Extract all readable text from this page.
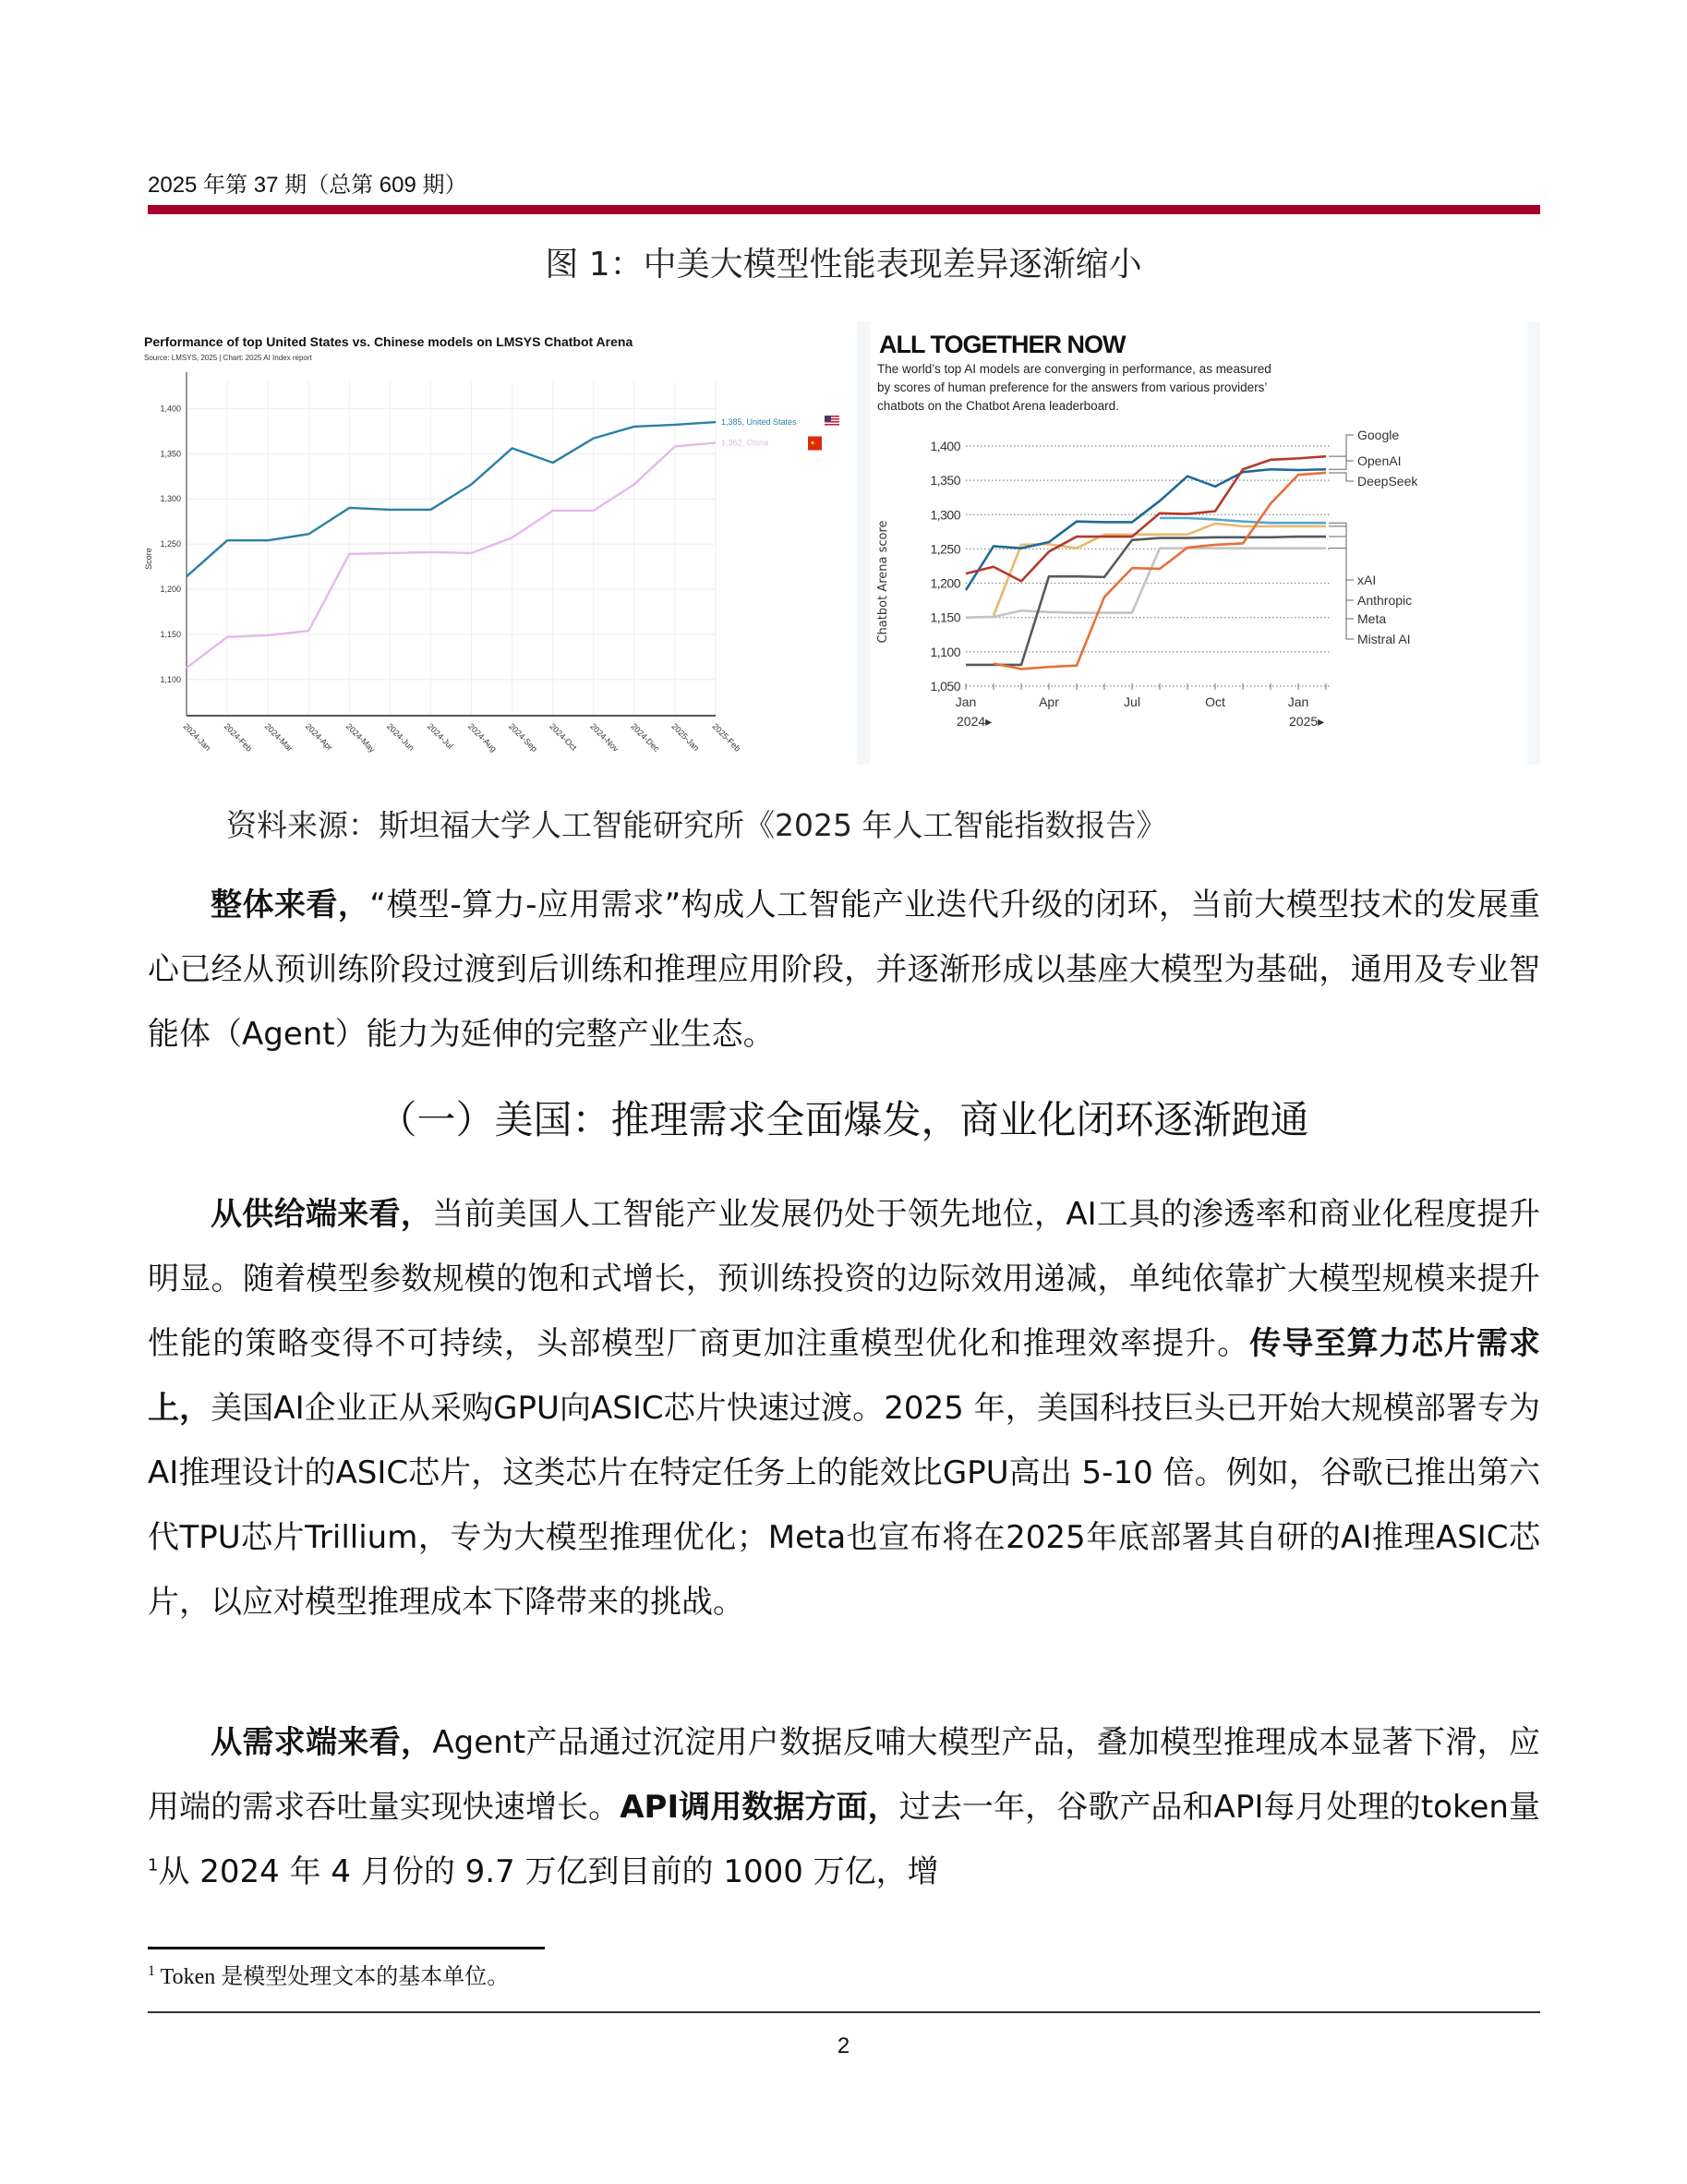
2025 年第 37 期（总第 609 期）
图 1：中美大模型性能表现差异逐渐缩小
Performance of top United States vs. Chinese models on LMSYS Chatbot Arena
Source: LMSYS, 2025 | Chart: 2025 AI Index report
Score
1,100
1,150
1,200
1,250
1,300
1,350
1,400
2024-Jan 2024-Feb 2024-Mar 2024-Apr 2024-May 2024-Jun 2024-Jul 2024-Aug 2024-Sep 2024-Oct 2024-Nov 2024-Dec 2025-Jan 2025-Feb
1,385, United States
1,362, China
ALL TOGETHER NOW
The world’s top AI models are converging in performance, as measured by scores of human preference for the answers from various providers’ chatbots on the Chatbot Arena leaderboard.
Chatbot Arena score
1,050
1,100
1,150
1,200
1,250
1,300
1,350
1,400
Jan	Apr	Jul	Oct	Jan
2024▸	2025▸
Google
OpenAI
DeepSeek
xAI
Anthropic
Meta
Mistral AI
资料来源：斯坦福大学人工智能研究所《2025 年人工智能指数报告》
整体来看，“模型-算力-应用需求”构成人工智能产业迭代升级的闭环，当前大模型技术的发展重心已经从预训练阶段过渡到后训练和推理应用阶段，并逐渐形成以基座大模型为基础，通用及专业智能体（Agent）能力为延伸的完整产业生态。
（一）美国：推理需求全面爆发，商业化闭环逐渐跑通
从供给端来看，当前美国人工智能产业发展仍处于领先地位，AI工具的渗透率和商业化程度提升明显。随着模型参数规模的饱和式增长，预训练投资的边际效用递减，单纯依靠扩大模型规模来提升性能的策略变得不可持续，头部模型厂商更加注重模型优化和推理效率提升。传导至算力芯片需求上，美国AI企业正从采购GPU向ASIC芯片快速过渡。2025 年，美国科技巨头已开始大规模部署专为AI推理设计的ASIC芯片，这类芯片在特定任务上的能效比GPU高出 5-10 倍。例如，谷歌已推出第六代TPU芯片Trillium，专为大模型推理优化；Meta也宣布将在2025年底部署其自研的AI推理ASIC芯片，以应对模型推理成本下降带来的挑战。
从需求端来看，Agent产品通过沉淀用户数据反哺大模型产品，叠加模型推理成本显著下滑，应用端的需求吞吐量实现快速增长。API调用数据方面，过去一年，谷歌产品和API每月处理的token量$^1$从 2024 年 4 月份的 9.7 万亿到目前的 1000 万亿，增
$^1$ Token 是模型处理文本的基本单位。
2
